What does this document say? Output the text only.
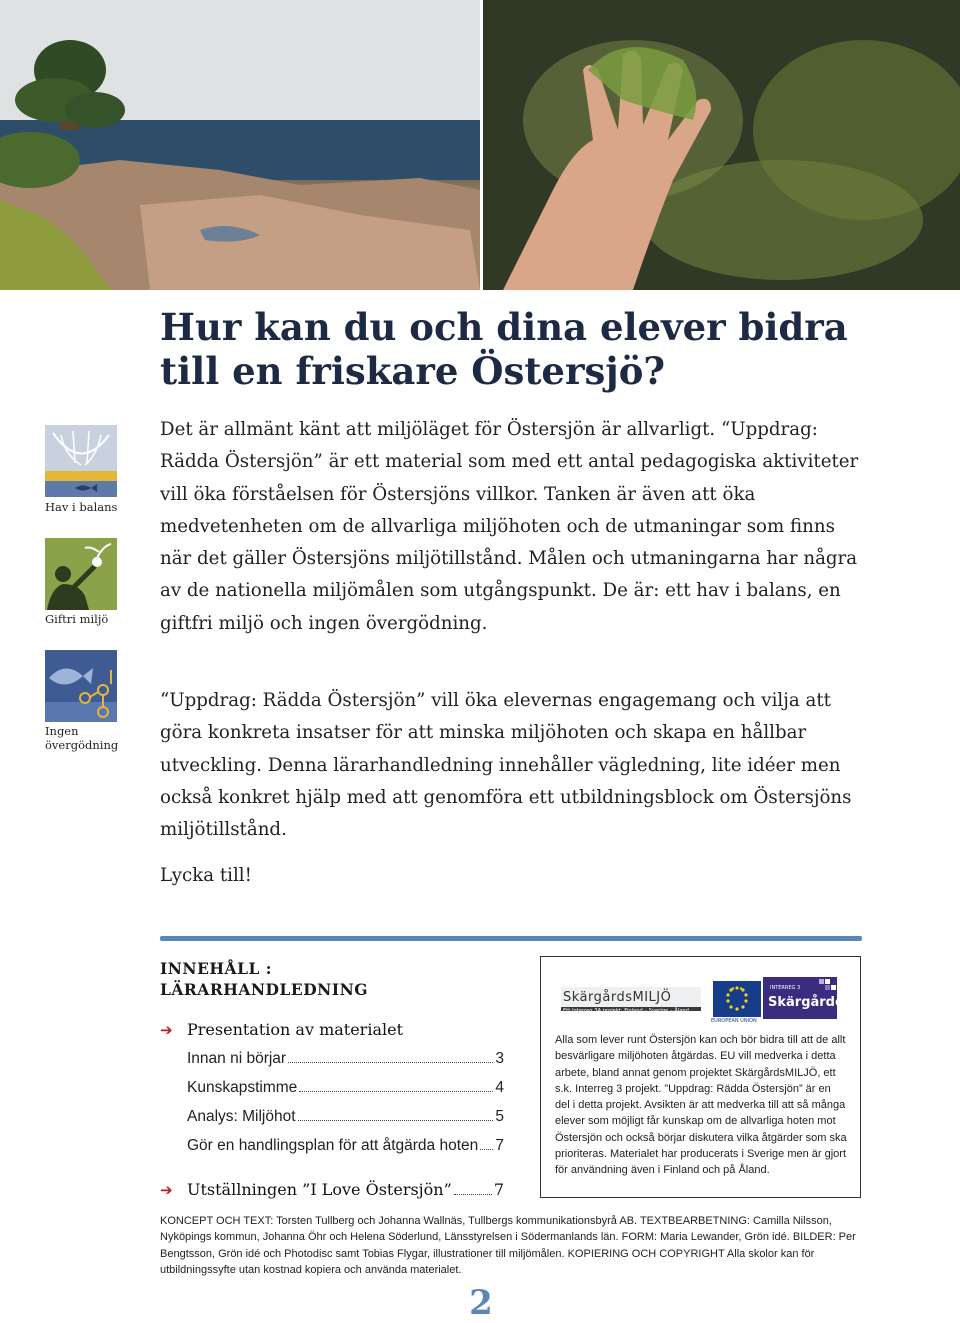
Hur kan du och dina elever bidra
till en friskare Östersjö?
Hav i balans
Giftri miljö
Ingen övergödning

Det är allmänt känt att miljöläget för Östersjön är allvarligt. “Uppdrag: Rädda Östersjön” är ett material som med ett antal pedagogiska aktiviteter vill öka förståelsen för Östersjöns villkor. Tanken är även att öka medvetenheten om de allvarliga miljöhoten och de utmaningar som finns när det gäller Östersjöns miljötillstånd. Målen och utmaningarna har några av de nationella miljömålen som utgångspunkt. De är: ett hav i balans, en giftfri miljö och ingen övergödning.

“Uppdrag: Rädda Östersjön” vill öka elevernas engagemang och vilja att göra konkreta insatser för att minska miljöhoten och skapa en hållbar utveckling. Denna lärarhandledning innehåller vägledning, lite idéer men också konkret hjälp med att genomföra ett utbildningsblock om Östersjöns miljötillstånd.

Lycka till!

INNEHÅLL :
LÄRARHANDLEDNING
➔ Presentation av materialet
Innan ni börjar	3
Kunskapstimme	4
Analys: Miljöhot	5
Gör en handlingsplan för att åtgärda hoten 7
➔ Utställningen ”I Love Östersjön”	7
SkärgårdsMILJÖ
Ett Interreg 3A projekt: Finland – Sverige – Åland
EUROPEAN UNION
INTERREG 3
Skärgården

Alla som lever runt Östersjön kan och bör bidra till att de allt besvärligare miljöhoten åtgärdas. EU vill medverka i detta arbete, bland annat genom projektet SkärgårdsMILJÖ, ett s.k. Interreg 3 projekt. ”Uppdrag: Rädda Östersjön” är en del i detta projekt. Avsikten är att medverka till att så många elever som möjligt får kunskap om de allvarliga hoten mot Östersjön och också börjar diskutera vilka åtgärder som ska prioriteras. Materialet har producerats i Sverige men är gjort för användning även i Finland och på Åland.

KONCEPT OCH TEXT: Torsten Tullberg och Johanna Wallnäs, Tullbergs kommunikationsbyrå AB. TEXTBEARBETNING: Camilla Nilsson, Nyköpings kommun, Johanna Öhr och Helena Söderlund, Länsstyrelsen i Södermanlands län. FORM: Maria Lewander, Grön idé. BILDER: Per Bengtsson, Grön idé och Photodisc samt Tobias Flygar, illustrationer till miljömålen. KOPIERING OCH COPYRIGHT Alla skolor kan för utbildningssyfte utan kostnad kopiera och använda materialet.

2
